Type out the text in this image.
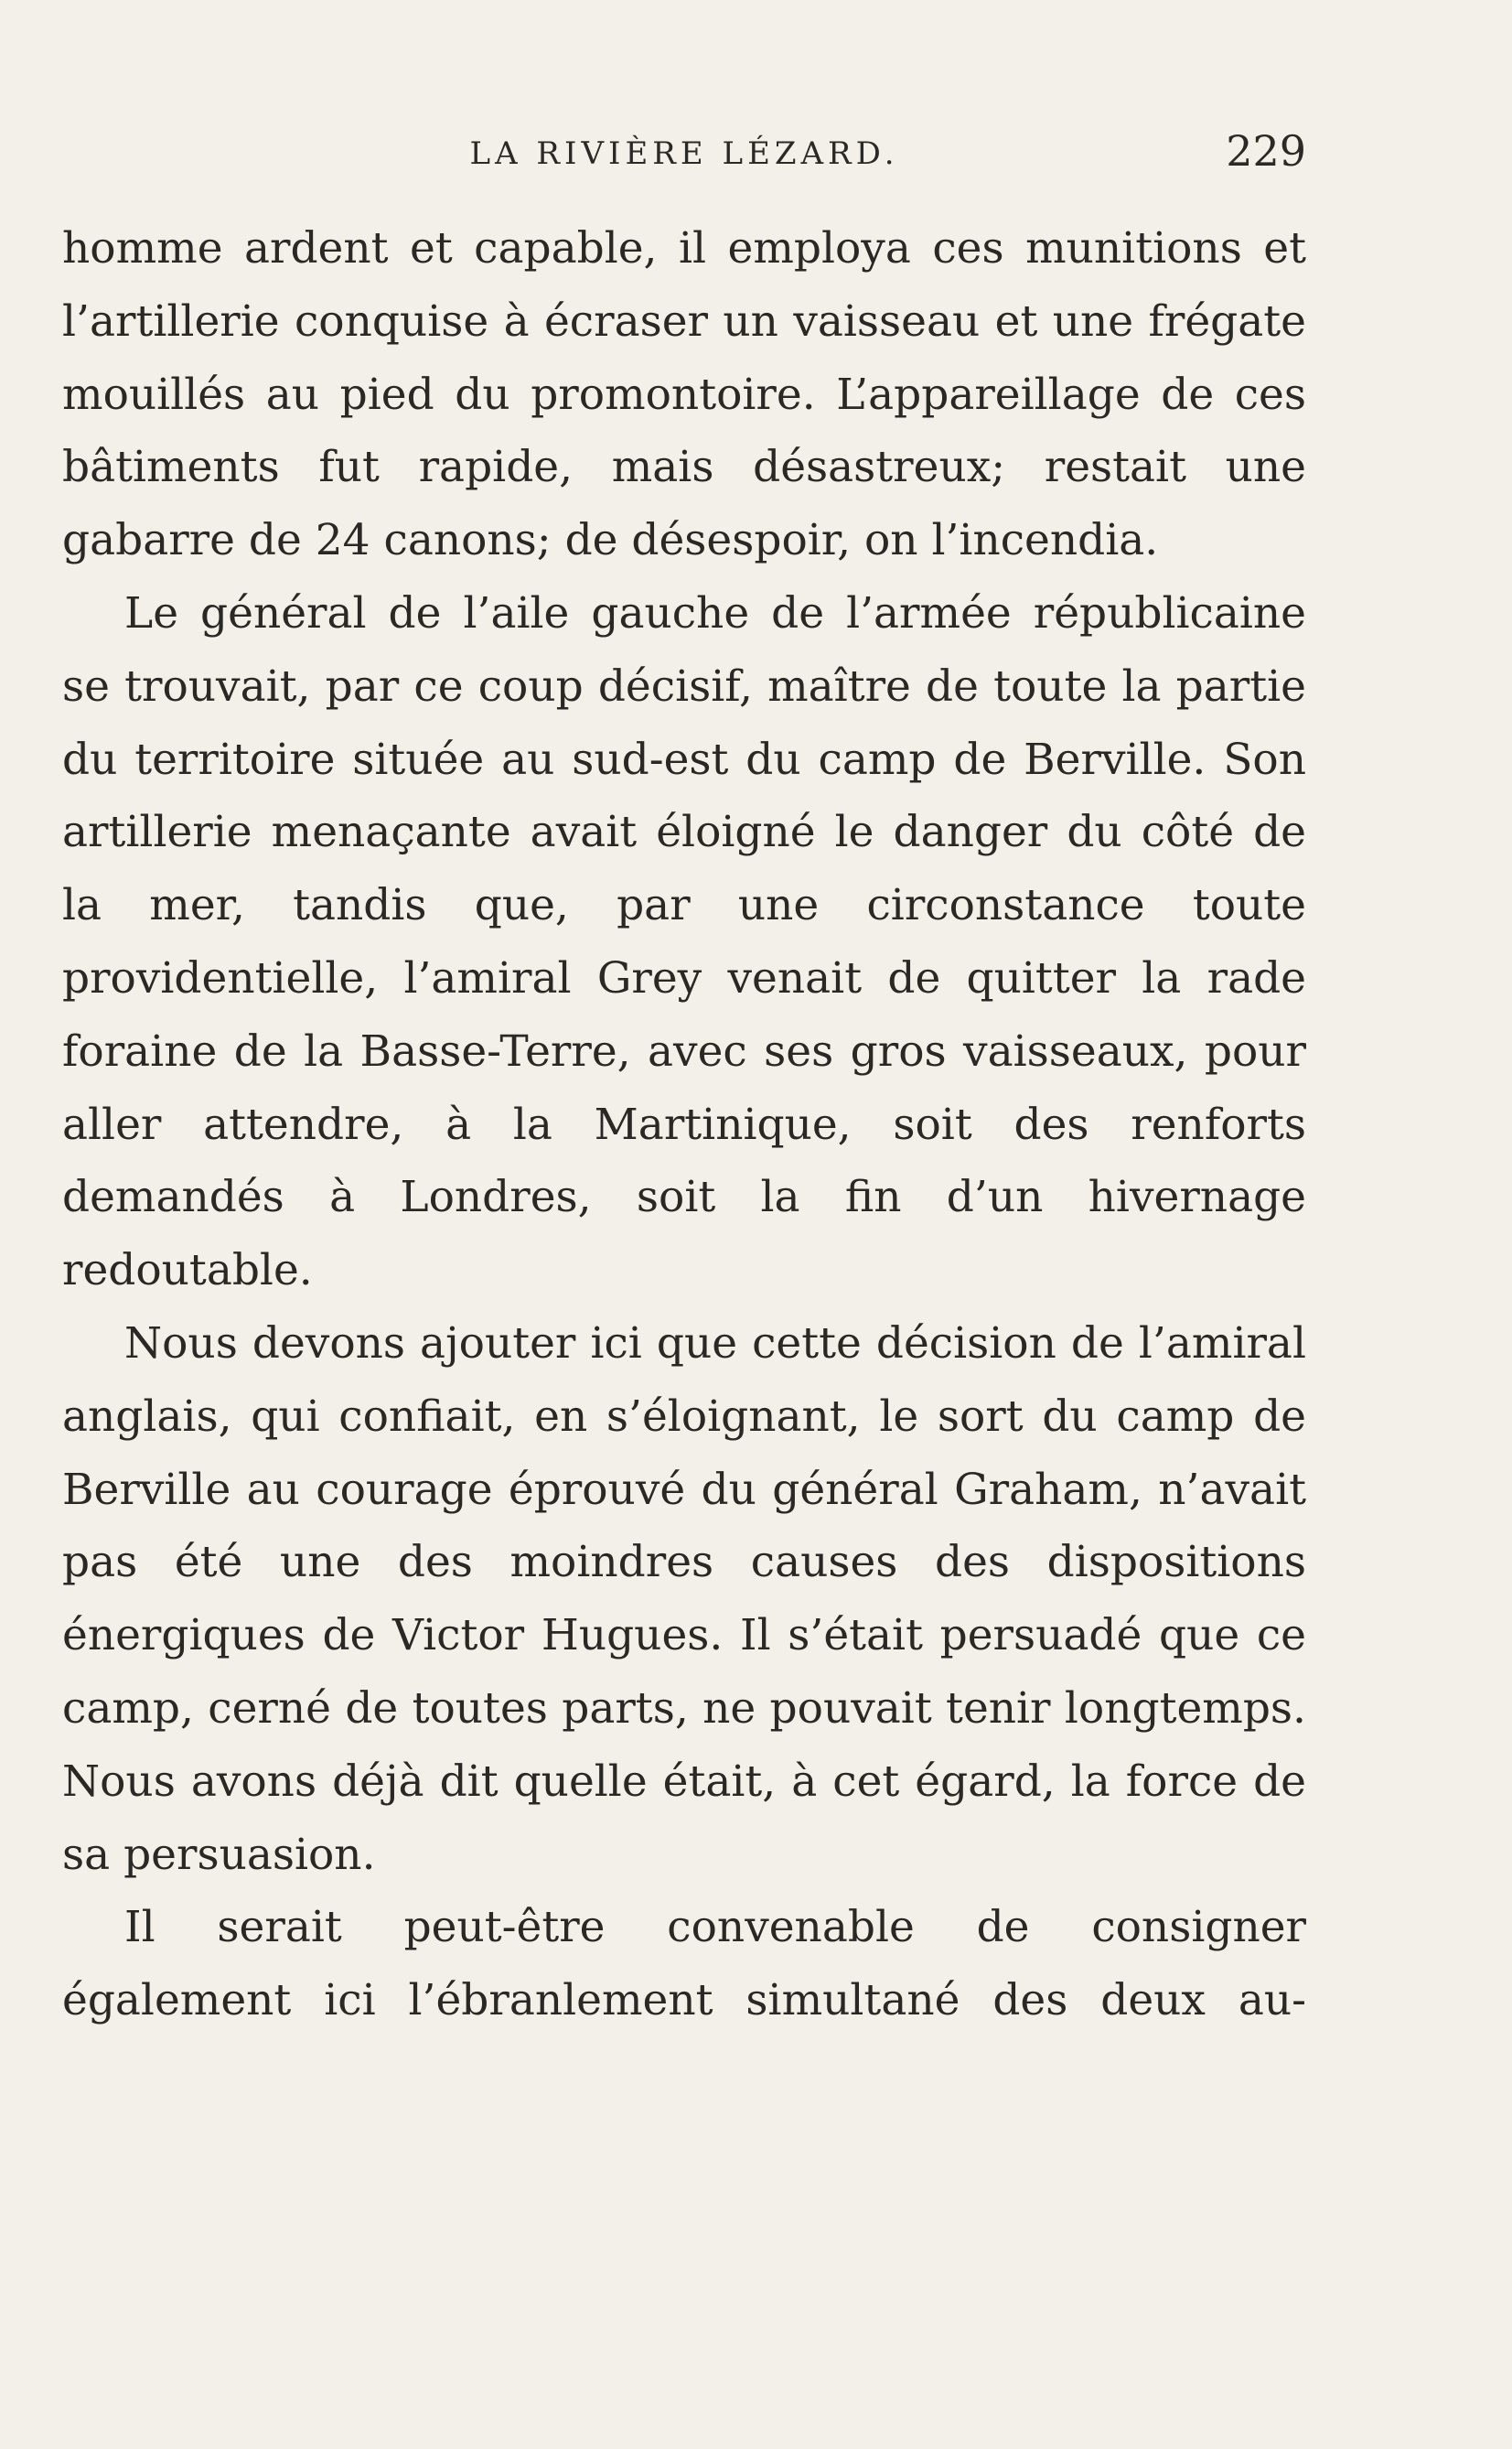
LA RIVIÈRE LÉZARD.	229

homme ardent et capable, il employa ces munitions et l’artillerie conquise à écraser un vaisseau et une frégate mouillés au pied du promontoire. L’appareillage de ces bâtiments fut rapide, mais désastreux; restait une gabarre de 24 canons; de désespoir, on l’incendia.

Le général de l’aile gauche de l’armée républicaine se trouvait, par ce coup décisif, maître de toute la partie du territoire située au sud-est du camp de Berville. Son artillerie menaçante avait éloigné le danger du côté de la mer, tandis que, par une circonstance toute providentielle, l’amiral Grey venait de quitter la rade foraine de la Basse-Terre, avec ses gros vaisseaux, pour aller attendre, à la Martinique, soit des renforts demandés à Londres, soit la fin d’un hivernage redoutable.

Nous devons ajouter ici que cette décision de l’amiral anglais, qui confiait, en s’éloignant, le sort du camp de Berville au courage éprouvé du général Graham, n’avait pas été une des moindres causes des dispositions énergiques de Victor Hugues. Il s’était persuadé que ce camp, cerné de toutes parts, ne pouvait tenir longtemps. Nous avons déjà dit quelle était, à cet égard, la force de sa persuasion.

Il serait peut-être convenable de consigner également ici l’ébranlement simultané des deux au-
